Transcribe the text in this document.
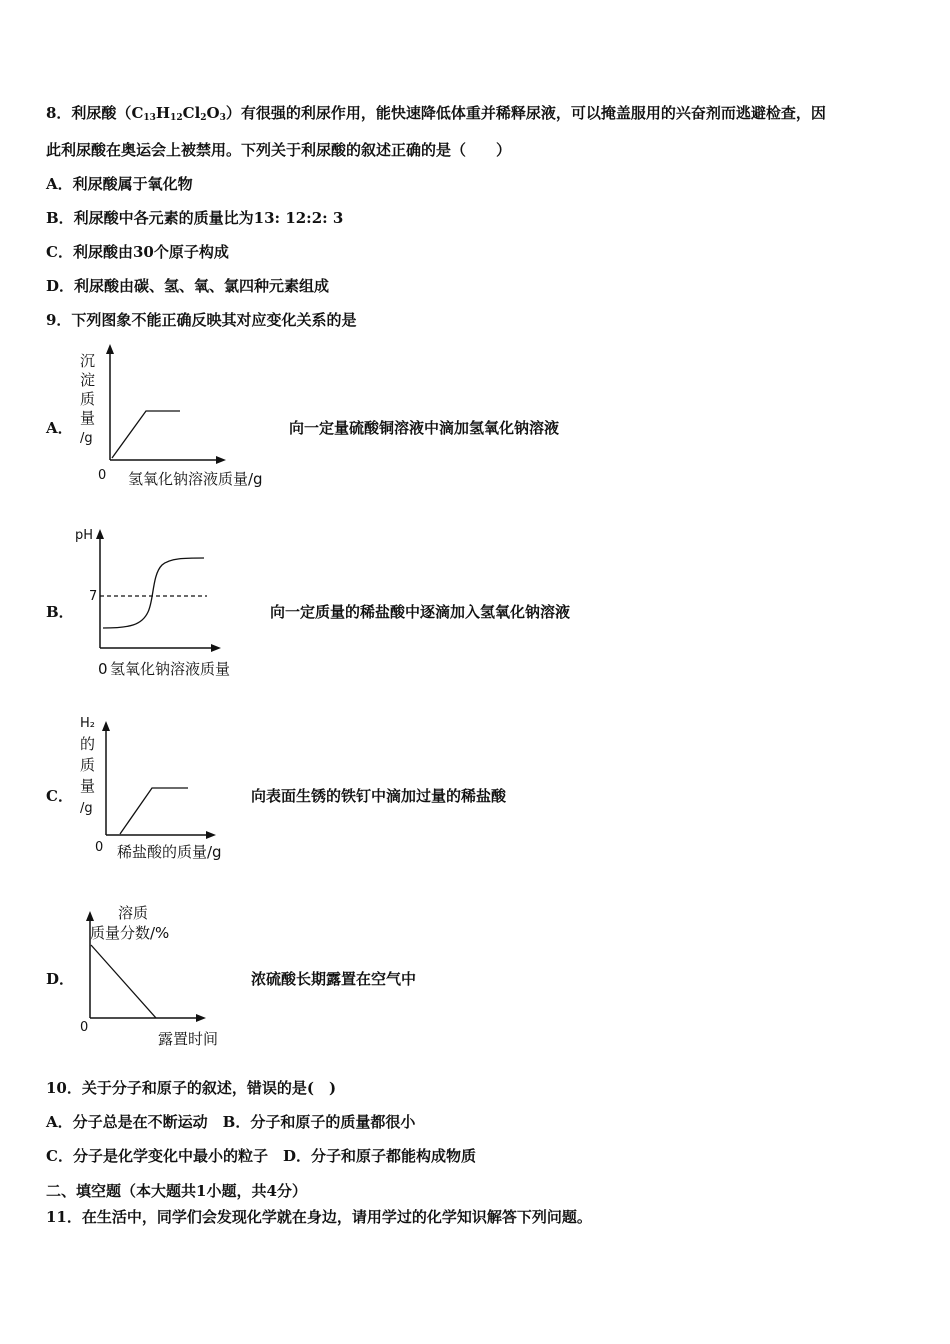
8．利尿酸$(C_{13}H_{12}Cl_2O_3)$有很强的利尿作用，能快速降低体重并稀释尿液，可以掩盖服用的兴奋剂而逃避检查，因
此利尿酸在奥运会上被禁用。下列关于利尿酸的叙述正确的是（　　）
A．利尿酸属于氧化物
B．利尿酸中各元素的质量比为13: 12:2: 3
C．利尿酸由30个原子构成
D．利尿酸由碳、氢、氧、氯四种元素组成
9．下列图象不能正确反映其对应变化关系的是
A．
沉
淀
质
量
/g
0 氢氧化钠溶液质量/g
向一定量硫酸铜溶液中滴加氢氧化钠溶液
B．
pH
7
0 氢氧化钠溶液质量
向一定质量的稀盐酸中逐滴加入氢氧化钠溶液
C．
H₂
的
质
量
/g
0 稀盐酸的质量/g
向表面生锈的铁钉中滴加过量的稀盐酸
D．
溶质
质量分数/%
0
露置时间
浓硫酸长期露置在空气中
10．关于分子和原子的叙述，错误的是(　)
A．分子总是在不断运动　B．分子和原子的质量都很小
C．分子是化学变化中最小的粒子　D．分子和原子都能构成物质
二、填空题（本大题共1小题，共4分）
11．在生活中，同学们会发现化学就在身边，请用学过的化学知识解答下列问题。
